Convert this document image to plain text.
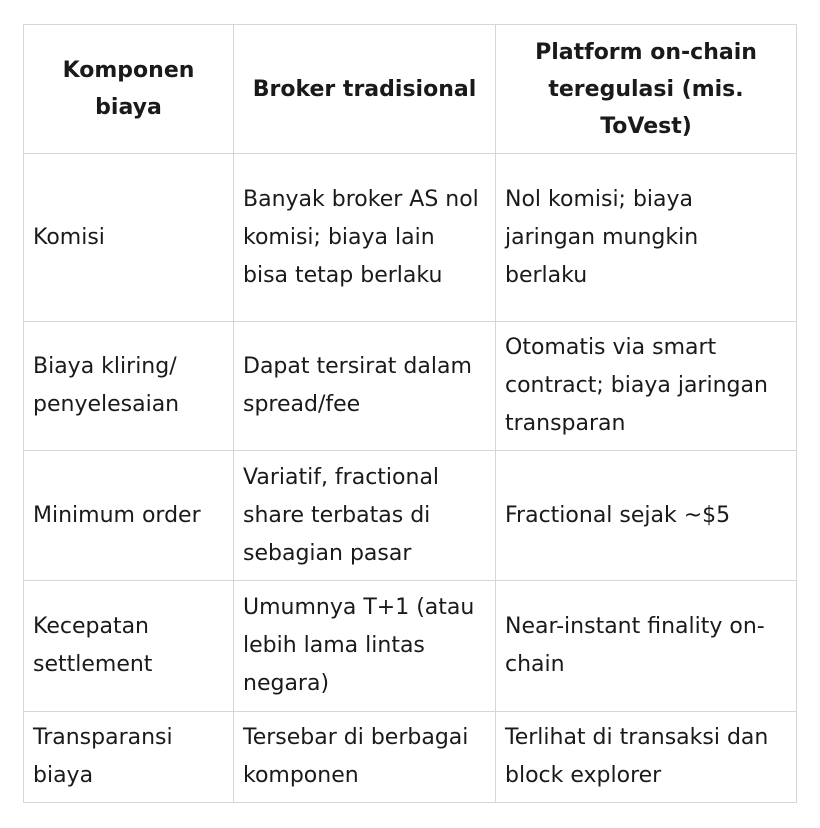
Komponen biaya	Broker tradisional	Platform on-chain teregulasi (mis. ToVest)
Komisi	Banyak broker AS nol komisi; biaya lain bisa tetap berlaku	Nol komisi; biaya jaringan mungkin berlaku
Biaya kliring/ penyelesaian	Dapat tersirat dalam spread/fee	Otomatis via smart contract; biaya jaringan transparan
Minimum order	Variatif, fractional share terbatas di sebagian pasar	Fractional sejak ~$5
Kecepatan settlement	Umumnya T+1 (atau lebih lama lintas negara)	Near-instant finality on-chain
Transparansi biaya	Tersebar di berbagai komponen	Terlihat di transaksi dan block explorer
